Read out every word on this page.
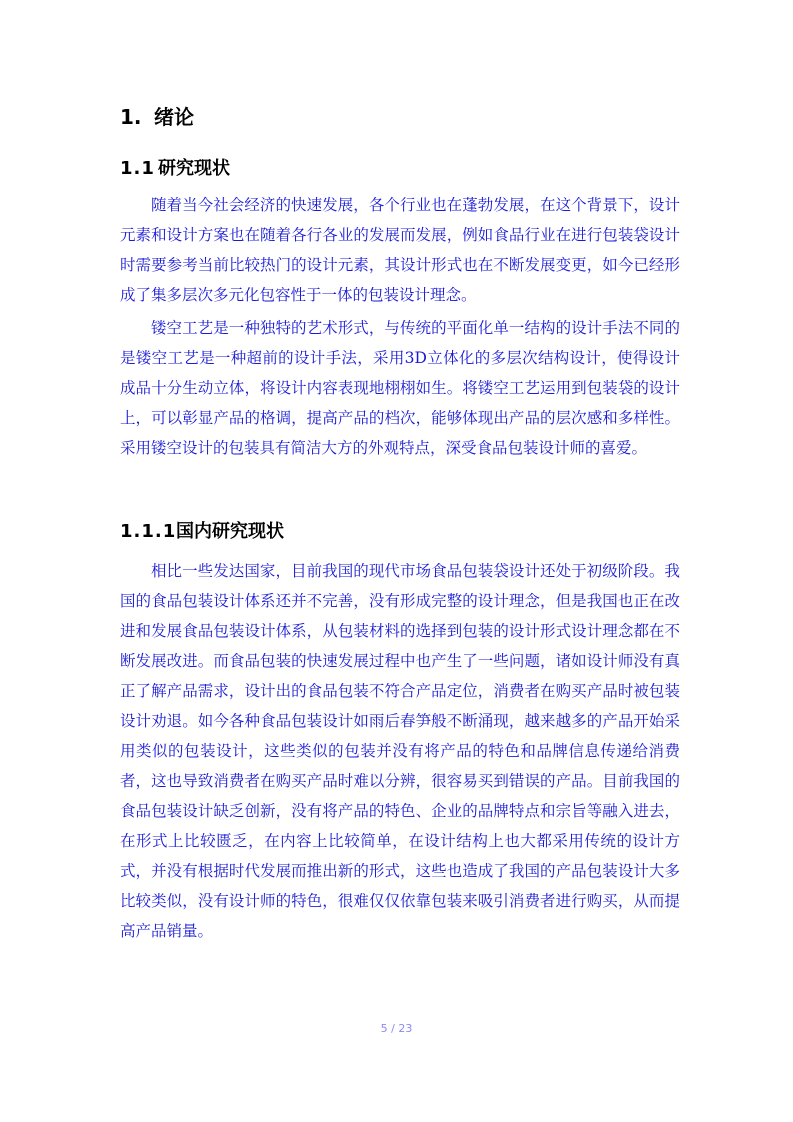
1. 绪论
1.1 研究现状

随着当今社会经济的快速发展，各个行业也在蓬勃发展，在这个背景下，设计元素和设计方案也在随着各行各业的发展而发展，例如食品行业在进行包装袋设计时需要参考当前比较热门的设计元素，其设计形式也在不断发展变更，如今已经形成了集多层次多元化包容性于一体的包装设计理念。

镂空工艺是一种独特的艺术形式，与传统的平面化单一结构的设计手法不同的是镂空工艺是一种超前的设计手法，采用3D立体化的多层次结构设计，使得设计成品十分生动立体，将设计内容表现地栩栩如生。将镂空工艺运用到包装袋的设计上，可以彰显产品的格调，提高产品的档次，能够体现出产品的层次感和多样性。采用镂空设计的包装具有简洁大方的外观特点，深受食品包装设计师的喜爱。

1.1.1国内研究现状

相比一些发达国家，目前我国的现代市场食品包装袋设计还处于初级阶段。我国的食品包装设计体系还并不完善，没有形成完整的设计理念，但是我国也正在改进和发展食品包装设计体系，从包装材料的选择到包装的设计形式设计理念都在不断发展改进。而食品包装的快速发展过程中也产生了一些问题，诸如设计师没有真正了解产品需求，设计出的食品包装不符合产品定位，消费者在购买产品时被包装设计劝退。如今各种食品包装设计如雨后春笋般不断涌现，越来越多的产品开始采用类似的包装设计，这些类似的包装并没有将产品的特色和品牌信息传递给消费者，这也导致消费者在购买产品时难以分辨，很容易买到错误的产品。目前我国的食品包装设计缺乏创新，没有将产品的特色、企业的品牌特点和宗旨等融入进去，在形式上比较匮乏，在内容上比较简单，在设计结构上也大都采用传统的设计方式，并没有根据时代发展而推出新的形式，这些也造成了我国的产品包装设计大多比较类似，没有设计师的特色，很难仅仅依靠包装来吸引消费者进行购买，从而提高产品销量。

5 / 23
